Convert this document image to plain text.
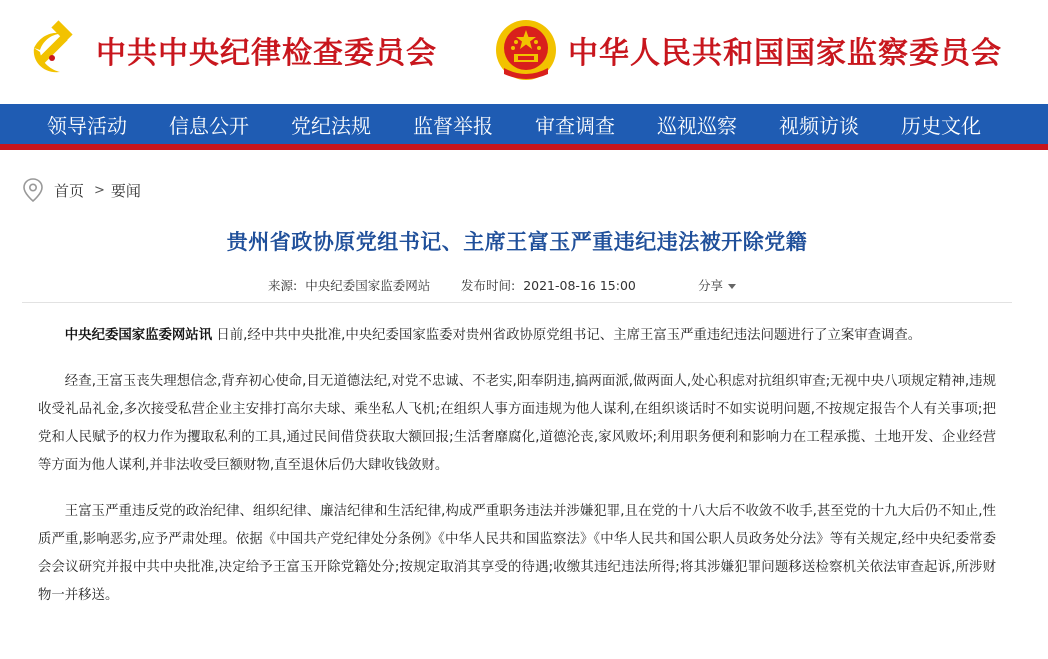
中共中央纪律检查委员会	中华人民共和国国家监察委员会
领导活动	信息公开	党纪法规	监督举报	审查调查	巡视巡察	视频访谈	历史文化
首页 > 要闻
贵州省政协原党组书记、主席王富玉严重违纪违法被开除党籍
来源: 中央纪委国家监委网站 发布时间: 2021-08-16 15:00	分享

中央纪委国家监委网站讯 日前,经中共中央批准,中央纪委国家监委对贵州省政协原党组书记、主席王富玉严重违纪违法问题进行了立案审查调查。

经查,王富玉丧失理想信念,背弃初心使命,目无道德法纪,对党不忠诚、不老实,阳奉阴违,搞两面派,做两面人,处心积虑对抗组织审查;无视中央八项规定精神,违规收受礼品礼金,多次接受私营企业主安排打高尔夫球、乘坐私人飞机;在组织人事方面违规为他人谋利,在组织谈话时不如实说明问题,不按规定报告个人有关事项;把党和人民赋予的权力作为攫取私利的工具,通过民间借贷获取大额回报;生活奢靡腐化,道德沦丧,家风败坏;利用职务便利和影响力在工程承揽、土地开发、企业经营等方面为他人谋利,并非法收受巨额财物,直至退休后仍大肆收钱敛财。

王富玉严重违反党的政治纪律、组织纪律、廉洁纪律和生活纪律,构成严重职务违法并涉嫌犯罪,且在党的十八大后不收敛不收手,甚至党的十九大后仍不知止,性质严重,影响恶劣,应予严肃处理。依据《中国共产党纪律处分条例》《中华人民共和国监察法》《中华人民共和国公职人员政务处分法》等有关规定,经中央纪委常委会会议研究并报中共中央批准,决定给予王富玉开除党籍处分;按规定取消其享受的待遇;收缴其违纪违法所得;将其涉嫌犯罪问题移送检察机关依法审查起诉,所涉财物一并移送。
